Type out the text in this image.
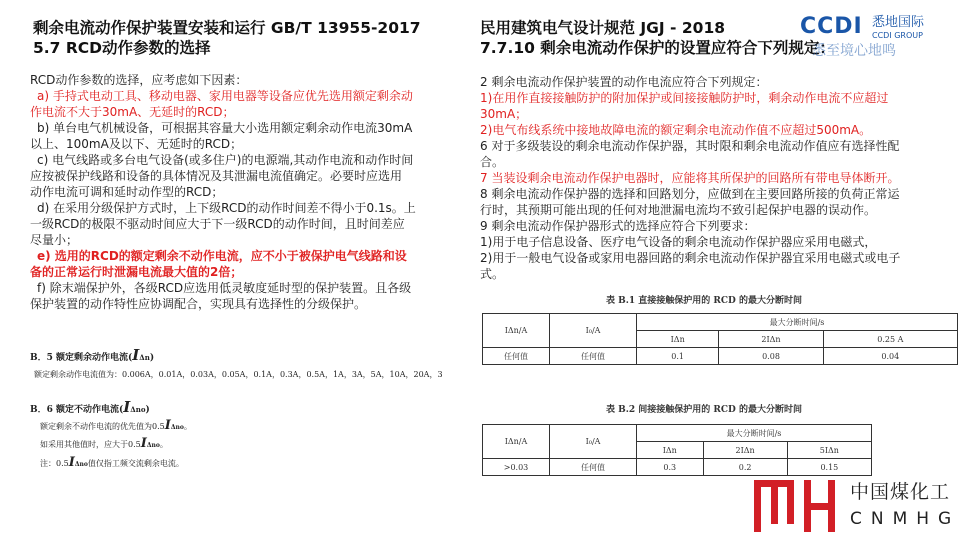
剩余电流动作保护装置安装和运行 GB/T 13955-2017
5.7 RCD动作参数的选择
RCD动作参数的选择，应考虑如下因素：
a) 手持式电动工具、移动电器、家用电器等设备应优先选用额定剩余动
作电流不大于30mA、无延时的RCD；
b) 单台电气机械设备，可根据其容量大小选用额定剩余动作电流30mA
以上、100mA及以下、无延时的RCD；
c) 电气线路或多台电气设备(或多住户)的电源端,其动作电流和动作时间
应按被保护线路和设备的具体情况及其泄漏电流值确定。必要时应选用
动作电流可调和延时动作型的RCD；
d) 在采用分级保护方式时，上下级RCD的动作时间差不得小于0.1s。上
一级RCD的极限不驱动时间应大于下一级RCD的动作时间，且时间差应
尽量小；
e) 选用的RCD的额定剩余不动作电流，应不小于被保护电气线路和设
备的正常运行时泄漏电流最大值的2倍；
f) 除末端保护外，各级RCD应选用低灵敏度延时型的保护装置。且各级
保护装置的动作特性应协调配合，实现具有选择性的分级保护。
B．5 额定剩余动作电流(IΔn)
额定剩余动作电流值为：0.006A，0.01A，0.03A，0.05A，0.1A，0.3A，0.5A，1A，3A，5A，10A，20A，3
B．6 额定不动作电流(IΔno)
额定剩余不动作电流的优先值为0.5IΔno。
如采用其他值时，应大于0.5IΔno。
注：0.5IΔno值仅指工频交流剩余电流。
民用建筑电气设计规范 JGJ - 2018
7.7.10 剩余电流动作保护的设置应符合下列规定：
2 剩余电流动作保护装置的动作电流应符合下列规定：
1)在用作直接接触防护的附加保护或间接接触防护时，剩余动作电流不应超过
30mA；
2)电气布线系统中接地故障电流的额定剩余电流动作值不应超过500mA。
6 对于多级装设的剩余电流动作保护器，其时限和剩余电流动作值应有选择性配
合。
7 当装设剩余电流动作保护电器时，应能将其所保护的回路所有带电导体断开。
8 剩余电流动作保护器的选择和回路划分，应做到在主要回路所接的负荷正常运
行时，其预期可能出现的任何对地泄漏电流均不致引起保护电器的误动作。
9 剩余电流动作保护器形式的选择应符合下列要求：
1)用于电子信息设备、医疗电气设备的剩余电流动作保护器应采用电磁式，
2)用于一般电气设备或家用电器回路的剩余电流动作保护器宜采用电磁式或电子
式。
表 B.1 直接接触保护用的 RCD 的最大分断时间
IΔn/A	I₀/A	最大分断时间/s		
		IΔn	2IΔn	0.25 A
任何值	任何值	0.1	0.08	0.04
表 B.2 间接接触保护用的 RCD 的最大分断时间
IΔn/A	I₀/A	最大分断时间/s		
		IΔn	2IΔn	5IΔn
>0.03	任何值	0.3	0.2	0.15
CCDI 悉地国际
CCDI GROUP
悉至境心地鸣
中国煤化工
CNMHG
